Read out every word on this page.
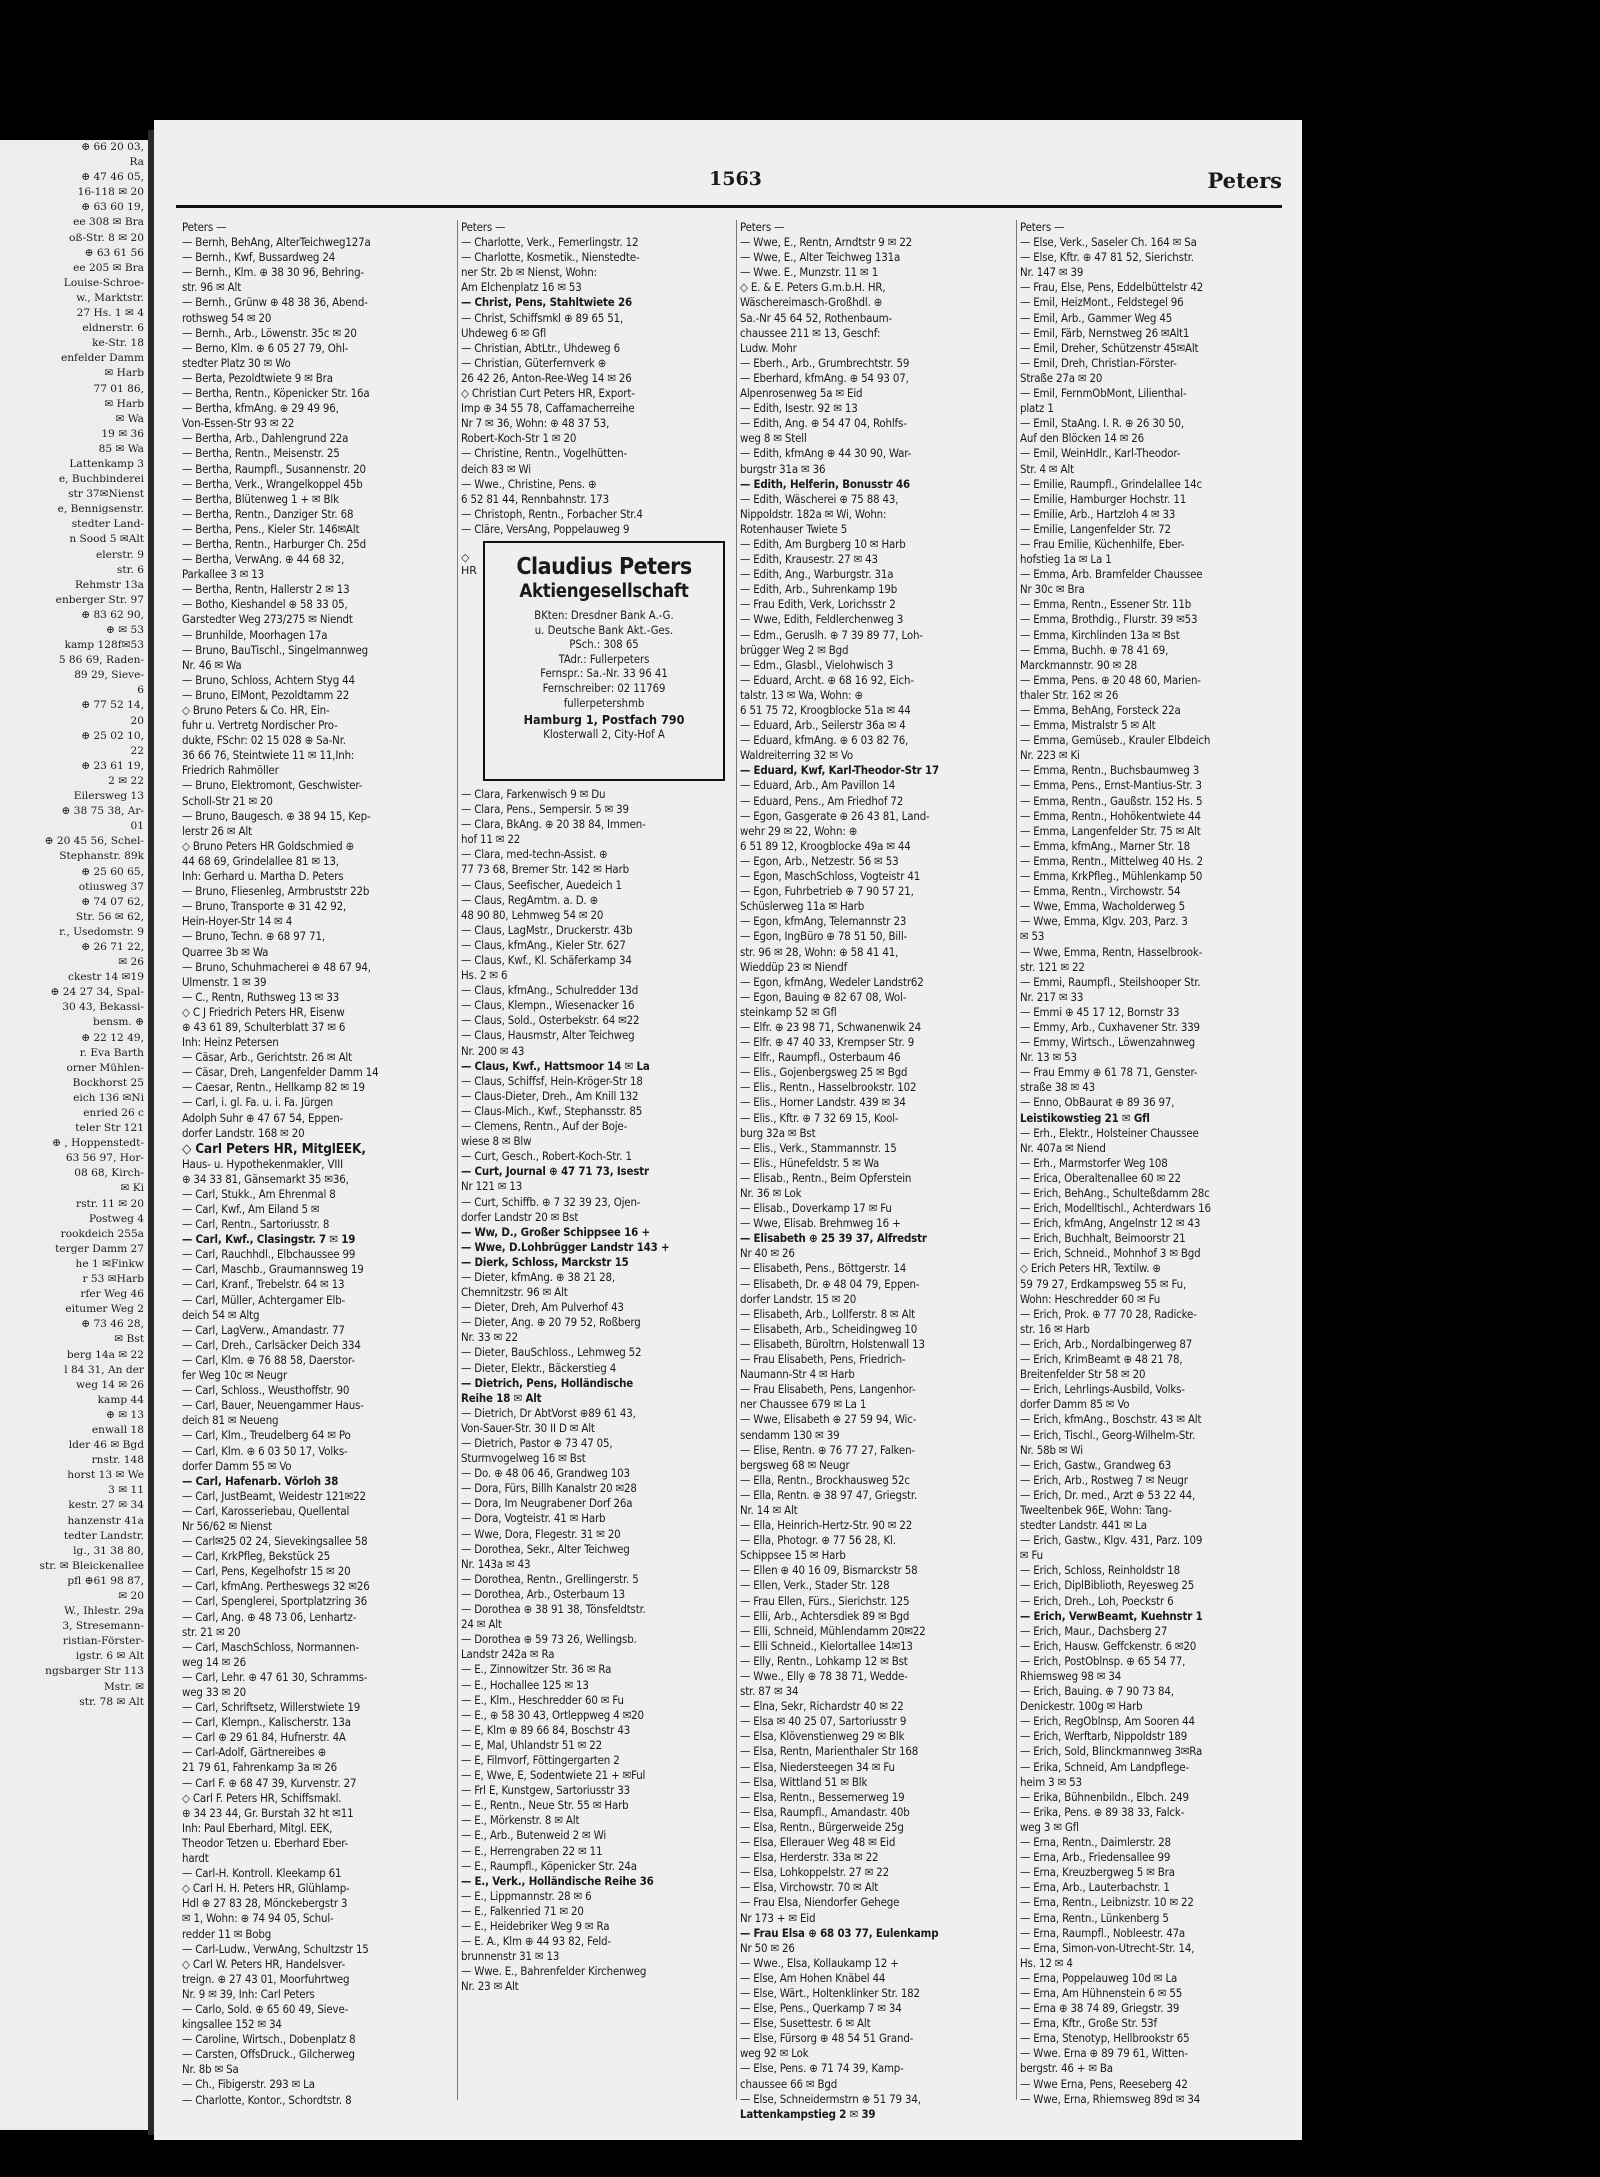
⊕ 66 20 03,
Ra
⊕ 47 46 05,
16-118 ✉ 20
⊕ 63 60 19,
ee 308 ✉ Bra
oß-Str. 8 ✉ 20
⊕ 63 61 56
ee 205 ✉ Bra
Louise-Schroe-
w., Marktstr.
27 Hs. 1 ✉ 4
eldnerstr. 6
ke-Str. 18
enfelder Damm
✉ Harb
77 01 86,
✉ Harb
✉ Wa
19 ✉ 36
85 ✉ Wa
Lattenkamp 3
e, Buchbinderei
str 37✉Nienst
e, Bennigsenstr.
stedter Land-
n Sood 5 ✉Alt
elerstr. 9
str. 6
Rehmstr 13a
enberger Str. 97
⊕ 83 62 90,
⊕ ✉ 53
kamp 128f✉53
5 86 69, Raden-
89 29, Sieve-
6
⊕ 77 52 14,
20
⊕ 25 02 10,
22
⊕ 23 61 19,
2 ✉ 22
Eilersweg 13
⊕ 38 75 38, Ar-
01
⊕ 20 45 56, Schel-
Stephanstr. 89k
⊕ 25 60 65,
otiusweg 37
⊕ 74 07 62,
Str. 56 ✉ 62,
r., Usedomstr. 9
⊕ 26 71 22,
✉ 26
ckestr 14 ✉19
⊕ 24 27 34, Spal-
30 43, Bekassi-
bensm. ⊕
⊕ 22 12 49,
r. Eva Barth
orner Mühlen-
Bockhorst 25
eich 136 ✉Ni
enried 26 c
teler Str 121
⊕ , Hoppenstedt-
63 56 97, Hor-
08 68, Kirch-
✉ Ki
rstr. 11 ✉ 20
Postweg 4
rookdeich 255a
terger Damm 27
he 1 ✉Finkw
r 53 ✉Harb
rfer Weg 46
eitumer Weg 2
⊕ 73 46 28,
✉ Bst
berg 14a ✉ 22
l 84 31, An der
weg 14 ✉ 26
kamp 44
⊕ ✉ 13
enwall 18
lder 46 ✉ Bgd
rnstr. 148
horst 13 ✉ We
3 ✉ 11
kestr. 27 ✉ 34
hanzenstr 41a
tedter Landstr.
lg., 31 38 80,
str. ✉ Bleickenallee
pfl ⊕61 98 87,
✉ 20
W., Ihlestr. 29a
3, Stresemann-
ristian-Förster-
igstr. 6 ✉ Alt
ngsbarger Str 113
Mstr. ✉
str. 78 ✉ Alt
1563	Peters
Peters —
— Bernh, BehAng, AlterTeichweg127a
— Bernh., Kwf, Bussardweg 24
— Bernh., Klm. ⊕ 38 30 96, Behring-
str. 96 ✉ Alt
— Bernh., Grünw ⊕ 48 38 36, Abend-
rothsweg 54 ✉ 20
— Bernh., Arb., Löwenstr. 35c ✉ 20
— Berno, Klm. ⊕ 6 05 27 79, Ohl-
stedter Platz 30 ✉ Wo
— Berta, Pezoldtwiete 9 ✉ Bra
— Bertha, Rentn., Köpenicker Str. 16a
— Bertha, kfmAng. ⊕ 29 49 96,
Von-Essen-Str 93 ✉ 22
— Bertha, Arb., Dahlengrund 22a
— Bertha, Rentn., Meisenstr. 25
— Bertha, Raumpfl., Susannenstr. 20
— Bertha, Verk., Wrangelkoppel 45b
— Bertha, Blütenweg 1 + ✉ Blk
— Bertha, Rentn., Danziger Str. 68
— Bertha, Pens., Kieler Str. 146✉Alt
— Bertha, Rentn., Harburger Ch. 25d
— Bertha, VerwAng. ⊕ 44 68 32,
Parkallee 3 ✉ 13
— Bertha, Rentn, Hallerstr 2 ✉ 13
— Botho, Kieshandel ⊕ 58 33 05,
Garstedter Weg 273/275 ✉ Niendt
— Brunhilde, Moorhagen 17a
— Bruno, BauTischl., Singelmannweg
Nr. 46 ✉ Wa
— Bruno, Schloss, Achtern Styg 44
— Bruno, ElMont, Pezoldtamm 22
◇ Bruno Peters & Co. HR, Ein-
fuhr u. Vertretg Nordischer Pro-
dukte, FSchr: 02 15 028 ⊕ Sa-Nr.
36 66 76, Steintwiete 11 ✉ 11,Inh:
Friedrich Rahmöller
— Bruno, Elektromont, Geschwister-
Scholl-Str 21 ✉ 20
— Bruno, Baugesch. ⊕ 38 94 15, Kep-
lerstr 26 ✉ Alt
◇ Bruno Peters HR Goldschmied ⊕
44 68 69, Grindelallee 81 ✉ 13,
Inh: Gerhard u. Martha D. Peters
— Bruno, Fliesenleg, Armbruststr 22b
— Bruno, Transporte ⊕ 31 42 92,
Hein-Hoyer-Str 14 ✉ 4
— Bruno, Techn. ⊕ 68 97 71,
Quarree 3b ✉ Wa
— Bruno, Schuhmacherei ⊕ 48 67 94,
Ulmenstr. 1 ✉ 39
— C., Rentn, Ruthsweg 13 ✉ 33
◇ C J Friedrich Peters HR, Eisenw
⊕ 43 61 89, Schulterblatt 37 ✉ 6
Inh: Heinz Petersen
— Cäsar, Arb., Gerichtstr. 26 ✉ Alt
— Cäsar, Dreh, Langenfelder Damm 14
— Caesar, Rentn., Hellkamp 82 ✉ 19
— Carl, i. gl. Fa. u. i. Fa. Jürgen
Adolph Suhr ⊕ 47 67 54, Eppen-
dorfer Landstr. 168 ✉ 20
◇ Carl Peters HR, MitglEEK,
Haus- u. Hypothekenmakler, VIII
⊕ 34 33 81, Gänsemarkt 35 ✉36,
— Carl, Stukk., Am Ehrenmal 8
— Carl, Kwf., Am Eiland 5 ✉
— Carl, Rentn., Sartoriusstr. 8
— Carl, Kwf., Clasingstr. 7 ✉ 19
— Carl, Rauchhdl., Elbchaussee 99
— Carl, Maschb., Graumannsweg 19
— Carl, Kranf., Trebelstr. 64 ✉ 13
— Carl, Müller, Achtergamer Elb-
deich 54 ✉ Altg
— Carl, LagVerw., Amandastr. 77
— Carl, Dreh., Carlsäcker Deich 334
— Carl, Klm. ⊕ 76 88 58, Daerstor-
fer Weg 10c ✉ Neugr
— Carl, Schloss., Weusthoffstr. 90
— Carl, Bauer, Neuengammer Haus-
deich 81 ✉ Neueng
— Carl, Klm., Treudelberg 64 ✉ Po
— Carl, Klm. ⊕ 6 03 50 17, Volks-
dorfer Damm 55 ✉ Vo
— Carl, Hafenarb. Vörloh 38
— Carl, JustBeamt, Weidestr 121✉22
— Carl, Karosseriebau, Quellental
Nr 56/62 ✉ Nienst
— Carl✉25 02 24, Sievekingsallee 58
— Carl, KrkPfleg, Bekstück 25
— Carl, Pens, Kegelhofstr 15 ✉ 20
— Carl, kfmAng. Pertheswegs 32 ✉26
— Carl, Spenglerei, Sportplatzring 36
— Carl, Ang. ⊕ 48 73 06, Lenhartz-
str. 21 ✉ 20
— Carl, MaschSchloss, Normannen-
weg 14 ✉ 26
— Carl, Lehr. ⊕ 47 61 30, Schramms-
weg 33 ✉ 20
— Carl, Schriftsetz, Willerstwiete 19
— Carl, Klempn., Kalischerstr. 13a
— Carl ⊕ 29 61 84, Hufnerstr. 4A
— Carl-Adolf, Gärtnereibes ⊕
21 79 61, Fahrenkamp 3a ✉ 26
— Carl F. ⊕ 68 47 39, Kurvenstr. 27
◇ Carl F. Peters HR, Schiffsmakl.
⊕ 34 23 44, Gr. Burstah 32 ht ✉11
Inh: Paul Eberhard, Mitgl. EEK,
Theodor Tetzen u. Eberhard Eber-
hardt
— Carl-H. Kontroll. Kleekamp 61
◇ Carl H. H. Peters HR, Glühlamp-
Hdl ⊕ 27 83 28, Mönckebergstr 3
✉ 1, Wohn: ⊕ 74 94 05, Schul-
redder 11 ✉ Bobg
— Carl-Ludw., VerwAng, Schultzstr 15
◇ Carl W. Peters HR, Handelsver-
treign. ⊕ 27 43 01, Moorfuhrtweg
Nr. 9 ✉ 39, Inh: Carl Peters
— Carlo, Sold. ⊕ 65 60 49, Sieve-
kingsallee 152 ✉ 34
— Caroline, Wirtsch., Dobenplatz 8
— Carsten, OffsDruck., Gilcherweg
Nr. 8b ✉ Sa
— Ch., Fibigerstr. 293 ✉ La
— Charlotte, Kontor., Schordtstr. 8
Peters —
— Charlotte, Verk., Femerlingstr. 12
— Charlotte, Kosmetik., Nienstedte-
ner Str. 2b ✉ Nienst, Wohn:
Am Elchenplatz 16 ✉ 53
— Christ, Pens, Stahltwiete 26
— Christ, Schiffsmkl ⊕ 89 65 51,
Uhdeweg 6 ✉ Gfl
— Christian, AbtLtr., Uhdeweg 6
— Christian, Güterfernverk ⊕
26 42 26, Anton-Ree-Weg 14 ✉ 26
◇ Christian Curt Peters HR, Export-
Imp ⊕ 34 55 78, Caffamacherreihe
Nr 7 ✉ 36, Wohn: ⊕ 48 37 53,
Robert-Koch-Str 1 ✉ 20
— Christine, Rentn., Vogelhütten-
deich 83 ✉ Wi
— Wwe., Christine, Pens. ⊕
6 52 81 44, Rennbahnstr. 173
— Christoph, Rentn., Forbacher Str.4
— Cläre, VersAng, Poppelauweg 9
◇
HR	Claudius Peters
Aktiengesellschaft
BKten: Dresdner Bank A.-G.
u. Deutsche Bank Akt.-Ges.
PSch.: 308 65
TAdr.: Fullerpeters
Fernspr.: Sa.-Nr. 33 96 41
Fernschreiber: 02 11769
fullerpetershmb
Hamburg 1, Postfach 790
Klosterwall 2, City-Hof A
— Clara, Farkenwisch 9 ✉ Du
— Clara, Pens., Sempersir. 5 ✉ 39
— Clara, BkAng. ⊕ 20 38 84, Immen-
hof 11 ✉ 22
— Clara, med-techn-Assist. ⊕
77 73 68, Bremer Str. 142 ✉ Harb
— Claus, Seefischer, Auedeich 1
— Claus, RegAmtm. a. D. ⊕
48 90 80, Lehmweg 54 ✉ 20
— Claus, LagMstr., Druckerstr. 43b
— Claus, kfmAng., Kieler Str. 627
— Claus, Kwf., Kl. Schäferkamp 34
Hs. 2 ✉ 6
— Claus, kfmAng., Schulredder 13d
— Claus, Klempn., Wiesenacker 16
— Claus, Sold., Osterbekstr. 64 ✉22
— Claus, Hausmstr, Alter Teichweg
Nr. 200 ✉ 43
— Claus, Kwf., Hattsmoor 14 ✉ La
— Claus, Schiffsf, Hein-Kröger-Str 18
— Claus-Dieter, Dreh., Am Knill 132
— Claus-Mich., Kwf., Stephansstr. 85
— Clemens, Rentn., Auf der Boje-
wiese 8 ✉ Blw
— Curt, Gesch., Robert-Koch-Str. 1
— Curt, Journal ⊕ 47 71 73, Isestr
Nr 121 ✉ 13
— Curt, Schiffb. ⊕ 7 32 39 23, Ojen-
dorfer Landstr 20 ✉ Bst
— Ww, D., Großer Schippsee 16 +
— Wwe, D.Lohbrügger Landstr 143 +
— Dierk, Schloss, Marckstr 15
— Dieter, kfmAng. ⊕ 38 21 28,
Chemnitzstr. 96 ✉ Alt
— Dieter, Dreh, Am Pulverhof 43
— Dieter, Ang. ⊕ 20 79 52, Roßberg
Nr. 33 ✉ 22
— Dieter, BauSchloss., Lehmweg 52
— Dieter, Elektr., Bäckerstieg 4
— Dietrich, Pens, Holländische
Reihe 18 ✉ Alt
— Dietrich, Dr AbtVorst ⊕89 61 43,
Von-Sauer-Str. 30 II D ✉ Alt
— Dietrich, Pastor ⊕ 73 47 05,
Sturmvogelweg 16 ✉ Bst
— Do. ⊕ 48 06 46, Grandweg 103
— Dora, Fürs, Billh Kanalstr 20 ✉28
— Dora, Im Neugrabener Dorf 26a
— Dora, Vogteistr. 41 ✉ Harb
— Wwe, Dora, Flegestr. 31 ✉ 20
— Dorothea, Sekr., Alter Teichweg
Nr. 143a ✉ 43
— Dorothea, Rentn., Grellingerstr. 5
— Dorothea, Arb., Osterbaum 13
— Dorothea ⊕ 38 91 38, Tönsfeldtstr.
24 ✉ Alt
— Dorothea ⊕ 59 73 26, Wellingsb.
Landstr 242a ✉ Ra
— E., Zinnowitzer Str. 36 ✉ Ra
— E., Hochallee 125 ✉ 13
— E., Klm., Heschredder 60 ✉ Fu
— E., ⊕ 58 30 43, Ortleppweg 4 ✉20
— E, Klm ⊕ 89 66 84, Boschstr 43
— E, Mal, Uhlandstr 51 ✉ 22
— E, Filmvorf, Föttingergarten 2
— E, Wwe, E, Sodentwiete 21 + ✉Ful
— Frl E, Kunstgew, Sartoriusstr 33
— E., Rentn., Neue Str. 55 ✉ Harb
— E., Mörkenstr. 8 ✉ Alt
— E., Arb., Butenweid 2 ✉ Wi
— E., Herrengraben 22 ✉ 11
— E., Raumpfl., Köpenicker Str. 24a
— E., Verk., Holländische Reihe 36
— E., Lippmannstr. 28 ✉ 6
— E., Falkenried 71 ✉ 20
— E., Heidebriker Weg 9 ✉ Ra
— E. A., Klm ⊕ 44 93 82, Feld-
brunnenstr 31 ✉ 13
— Wwe. E., Bahrenfelder Kirchenweg
Nr. 23 ✉ Alt
Peters —
— Wwe, E., Rentn, Arndtstr 9 ✉ 22
— Wwe, E., Alter Teichweg 131a
— Wwe. E., Munzstr. 11 ✉ 1
◇ E. & E. Peters G.m.b.H. HR,
Wäschereimasch-Großhdl. ⊕
Sa.-Nr 45 64 52, Rothenbaum-
chaussee 211 ✉ 13, Geschf:
Ludw. Mohr
— Eberh., Arb., Grumbrechtstr. 59
— Eberhard, kfmAng. ⊕ 54 93 07,
Alpenrosenweg 5a ✉ Eid
— Edith, Isestr. 92 ✉ 13
— Edith, Ang. ⊕ 54 47 04, Rohlfs-
weg 8 ✉ Stell
— Edith, kfmAng ⊕ 44 30 90, War-
burgstr 31a ✉ 36
— Edith, Helferin, Bonusstr 46
— Edith, Wäscherei ⊕ 75 88 43,
Nippoldstr. 182a ✉ Wi, Wohn:
Rotenhauser Twiete 5
— Edith, Am Burgberg 10 ✉ Harb
— Edith, Krausestr. 27 ✉ 43
— Edith, Ang., Warburgstr. 31a
— Edith, Arb., Suhrenkamp 19b
— Frau Edith, Verk, Lorichsstr 2
— Wwe, Edith, Feldlerchenweg 3
— Edm., Geruslh. ⊕ 7 39 89 77, Loh-
brügger Weg 2 ✉ Bgd
— Edm., Glasbl., Vielohwisch 3
— Eduard, Archt. ⊕ 68 16 92, Eich-
talstr. 13 ✉ Wa, Wohn: ⊕
6 51 75 72, Kroogblocke 51a ✉ 44
— Eduard, Arb., Seilerstr 36a ✉ 4
— Eduard, kfmAng. ⊕ 6 03 82 76,
Waldreiterring 32 ✉ Vo
— Eduard, Kwf, Karl-Theodor-Str 17
— Eduard, Arb., Am Pavillon 14
— Eduard, Pens., Am Friedhof 72
— Egon, Gasgerate ⊕ 26 43 81, Land-
wehr 29 ✉ 22, Wohn: ⊕
6 51 89 12, Kroogblocke 49a ✉ 44
— Egon, Arb., Netzestr. 56 ✉ 53
— Egon, MaschSchloss, Vogteistr 41
— Egon, Fuhrbetrieb ⊕ 7 90 57 21,
Schüslerweg 11a ✉ Harb
— Egon, kfmAng, Telemannstr 23
— Egon, IngBüro ⊕ 78 51 50, Bill-
str. 96 ✉ 28, Wohn: ⊕ 58 41 41,
Wieddüp 23 ✉ Niendf
— Egon, kfmAng, Wedeler Landstr62
— Egon, Bauing ⊕ 82 67 08, Wol-
steinkamp 52 ✉ Gfl
— Elfr. ⊕ 23 98 71, Schwanenwik 24
— Elfr. ⊕ 47 40 33, Krempser Str. 9
— Elfr., Raumpfl., Osterbaum 46
— Elis., Gojenbergsweg 25 ✉ Bgd
— Elis., Rentn., Hasselbrookstr. 102
— Elis., Horner Landstr. 439 ✉ 34
— Elis., Kftr. ⊕ 7 32 69 15, Kool-
burg 32a ✉ Bst
— Elis., Verk., Stammannstr. 15
— Elis., Hünefeldstr. 5 ✉ Wa
— Elisab., Rentn., Beim Opferstein
Nr. 36 ✉ Lok
— Elisab., Doverkamp 17 ✉ Fu
— Wwe, Elisab. Brehmweg 16 +
— Elisabeth ⊕ 25 39 37, Alfredstr
Nr 40 ✉ 26
— Elisabeth, Pens., Böttgerstr. 14
— Elisabeth, Dr. ⊕ 48 04 79, Eppen-
dorfer Landstr. 15 ✉ 20
— Elisabeth, Arb., Lollferstr. 8 ✉ Alt
— Elisabeth, Arb., Scheidingweg 10
— Elisabeth, Büroltrn, Holstenwall 13
— Frau Elisabeth, Pens, Friedrich-
Naumann-Str 4 ✉ Harb
— Frau Elisabeth, Pens, Langenhor-
ner Chaussee 679 ✉ La 1
— Wwe, Elisabeth ⊕ 27 59 94, Wic-
sendamm 130 ✉ 39
— Elise, Rentn. ⊕ 76 77 27, Falken-
bergsweg 68 ✉ Neugr
— Ella, Rentn., Brockhausweg 52c
— Ella, Rentn. ⊕ 38 97 47, Griegstr.
Nr. 14 ✉ Alt
— Ella, Heinrich-Hertz-Str. 90 ✉ 22
— Ella, Photogr. ⊕ 77 56 28, Kl.
Schippsee 15 ✉ Harb
— Ellen ⊕ 40 16 09, Bismarckstr 58
— Ellen, Verk., Stader Str. 128
— Frau Ellen, Fürs., Sierichstr. 125
— Elli, Arb., Achtersdiek 89 ✉ Bgd
— Elli, Schneid, Mühlendamm 20✉22
— Elli Schneid., Kielortallee 14✉13
— Elly, Rentn., Lohkamp 12 ✉ Bst
— Wwe., Elly ⊕ 78 38 71, Wedde-
str. 87 ✉ 34
— Elna, Sekr, Richardstr 40 ✉ 22
— Elsa ✉ 40 25 07, Sartoriusstr 9
— Elsa, Klövenstienweg 29 ✉ Blk
— Elsa, Rentn, Marienthaler Str 168
— Elsa, Niedersteegen 34 ✉ Fu
— Elsa, Wittland 51 ✉ Blk
— Elsa, Rentn., Bessemerweg 19
— Elsa, Raumpfl., Amandastr. 40b
— Elsa, Rentn., Bürgerweide 25g
— Elsa, Ellerauer Weg 48 ✉ Eid
— Elsa, Herderstr. 33a ✉ 22
— Elsa, Lohkoppelstr. 27 ✉ 22
— Elsa, Virchowstr. 70 ✉ Alt
— Frau Elsa, Niendorfer Gehege
Nr 173 + ✉ Eid
— Frau Elsa ⊕ 68 03 77, Eulenkamp
Nr 50 ✉ 26
— Wwe., Elsa, Kollaukamp 12 +
— Else, Am Hohen Knäbel 44
— Else, Wärt., Holtenklinker Str. 182
— Else, Pens., Querkamp 7 ✉ 34
— Else, Susettestr. 6 ✉ Alt
— Else, Fürsorg ⊕ 48 54 51 Grand-
weg 92 ✉ Lok
— Else, Pens. ⊕ 71 74 39, Kamp-
chaussee 66 ✉ Bgd
— Else, Schneidermstrn ⊕ 51 79 34,
Lattenkampstieg 2 ✉ 39
Peters —
— Else, Verk., Saseler Ch. 164 ✉ Sa
— Else, Kftr. ⊕ 47 81 52, Sierichstr.
Nr. 147 ✉ 39
— Frau, Else, Pens, Eddelbüttelstr 42
— Emil, HeizMont., Feldstegel 96
— Emil, Arb., Gammer Weg 45
— Emil, Färb, Nernstweg 26 ✉Alt1
— Emil, Dreher, Schützenstr 45✉Alt
— Emil, Dreh, Christian-Förster-
Straße 27a ✉ 20
— Emil, FernmObMont, Lilienthal-
platz 1
— Emil, StaAng. I. R. ⊕ 26 30 50,
Auf den Blöcken 14 ✉ 26
— Emil, WeinHdlr., Karl-Theodor-
Str. 4 ✉ Alt
— Emilie, Raumpfl., Grindelallee 14c
— Emilie, Hamburger Hochstr. 11
— Emilie, Arb., Hartzloh 4 ✉ 33
— Emilie, Langenfelder Str. 72
— Frau Emilie, Küchenhilfe, Eber-
hofstieg 1a ✉ La 1
— Emma, Arb. Bramfelder Chaussee
Nr 30c ✉ Bra
— Emma, Rentn., Essener Str. 11b
— Emma, Brothdig., Flurstr. 39 ✉53
— Emma, Kirchlinden 13a ✉ Bst
— Emma, Buchh. ⊕ 78 41 69,
Marckmannstr. 90 ✉ 28
— Emma, Pens. ⊕ 20 48 60, Marien-
thaler Str. 162 ✉ 26
— Emma, BehAng, Forsteck 22a
— Emma, Mistralstr 5 ✉ Alt
— Emma, Gemüseb., Krauler Elbdeich
Nr. 223 ✉ Ki
— Emma, Rentn., Buchsbaumweg 3
— Emma, Pens., Ernst-Mantius-Str. 3
— Emma, Rentn., Gaußstr. 152 Hs. 5
— Emma, Rentn., Hohökentwiete 44
— Emma, Langenfelder Str. 75 ✉ Alt
— Emma, kfmAng., Marner Str. 18
— Emma, Rentn., Mittelweg 40 Hs. 2
— Emma, KrkPfleg., Mühlenkamp 50
— Emma, Rentn., Virchowstr. 54
— Wwe, Emma, Wacholderweg 5
— Wwe, Emma, Klgv. 203, Parz. 3
✉ 53
— Wwe, Emma, Rentn, Hasselbrook-
str. 121 ✉ 22
— Emmi, Raumpfl., Steilshooper Str.
Nr. 217 ✉ 33
— Emmi ⊕ 45 17 12, Bornstr 33
— Emmy, Arb., Cuxhavener Str. 339
— Emmy, Wirtsch., Löwenzahnweg
Nr. 13 ✉ 53
— Frau Emmy ⊕ 61 78 71, Genster-
straße 38 ✉ 43
— Enno, ObBaurat ⊕ 89 36 97,
Leistikowstieg 21 ✉ Gfl
— Erh., Elektr., Holsteiner Chaussee
Nr. 407a ✉ Niend
— Erh., Marmstorfer Weg 108
— Erica, Oberaltenallee 60 ✉ 22
— Erich, BehAng., Schulteßdamm 28c
— Erich, Modelltischl., Achterdwars 16
— Erich, kfmAng, Angelnstr 12 ✉ 43
— Erich, Buchhalt, Beimoorstr 21
— Erich, Schneid., Mohnhof 3 ✉ Bgd
◇ Erich Peters HR, Textilw. ⊕
59 79 27, Erdkampsweg 55 ✉ Fu,
Wohn: Heschredder 60 ✉ Fu
— Erich, Prok. ⊕ 77 70 28, Radicke-
str. 16 ✉ Harb
— Erich, Arb., Nordalbingerweg 87
— Erich, KrimBeamt ⊕ 48 21 78,
Breitenfelder Str 58 ✉ 20
— Erich, Lehrlings-Ausbild, Volks-
dorfer Damm 85 ✉ Vo
— Erich, kfmAng., Boschstr. 43 ✉ Alt
— Erich, Tischl., Georg-Wilhelm-Str.
Nr. 58b ✉ Wi
— Erich, Gastw., Grandweg 63
— Erich, Arb., Rostweg 7 ✉ Neugr
— Erich, Dr. med., Arzt ⊕ 53 22 44,
Tweeltenbek 96E, Wohn: Tang-
stedter Landstr. 441 ✉ La
— Erich, Gastw., Klgv. 431, Parz. 109
✉ Fu
— Erich, Schloss, Reinholdstr 18
— Erich, DiplBiblioth, Reyesweg 25
— Erich, Dreh., Loh, Poeckstr 6
— Erich, VerwBeamt, Kuehnstr 1
— Erich, Maur., Dachsberg 27
— Erich, Hausw. Geffckenstr. 6 ✉20
— Erich, PostOblnsp. ⊕ 65 54 77,
Rhiemsweg 98 ✉ 34
— Erich, Bauing. ⊕ 7 90 73 84,
Denickestr. 100g ✉ Harb
— Erich, RegOblnsp, Am Sooren 44
— Erich, Werftarb, Nippoldstr 189
— Erich, Sold, Blinckmannweg 3✉Ra
— Erika, Schneid, Am Landpflege-
heim 3 ✉ 53
— Erika, Bühnenbildn., Elbch. 249
— Erika, Pens. ⊕ 89 38 33, Falck-
weg 3 ✉ Gfl
— Erna, Rentn., Daimlerstr. 28
— Erna, Arb., Friedensallee 99
— Erna, Kreuzbergweg 5 ✉ Bra
— Erna, Arb., Lauterbachstr. 1
— Erna, Rentn., Leibnizstr. 10 ✉ 22
— Erna, Rentn., Lünkenberg 5
— Erna, Raumpfl., Nobleestr. 47a
— Erna, Simon-von-Utrecht-Str. 14,
Hs. 12 ✉ 4
— Erna, Poppelauweg 10d ✉ La
— Erna, Am Hühnenstein 6 ✉ 55
— Erna ⊕ 38 74 89, Griegstr. 39
— Erna, Kftr., Große Str. 53f
— Erna, Stenotyp, Hellbrookstr 65
— Wwe. Erna ⊕ 89 79 61, Witten-
bergstr. 46 + ✉ Ba
— Wwe Erna, Pens, Reeseberg 42
— Wwe, Erna, Rhiemsweg 89d ✉ 34
